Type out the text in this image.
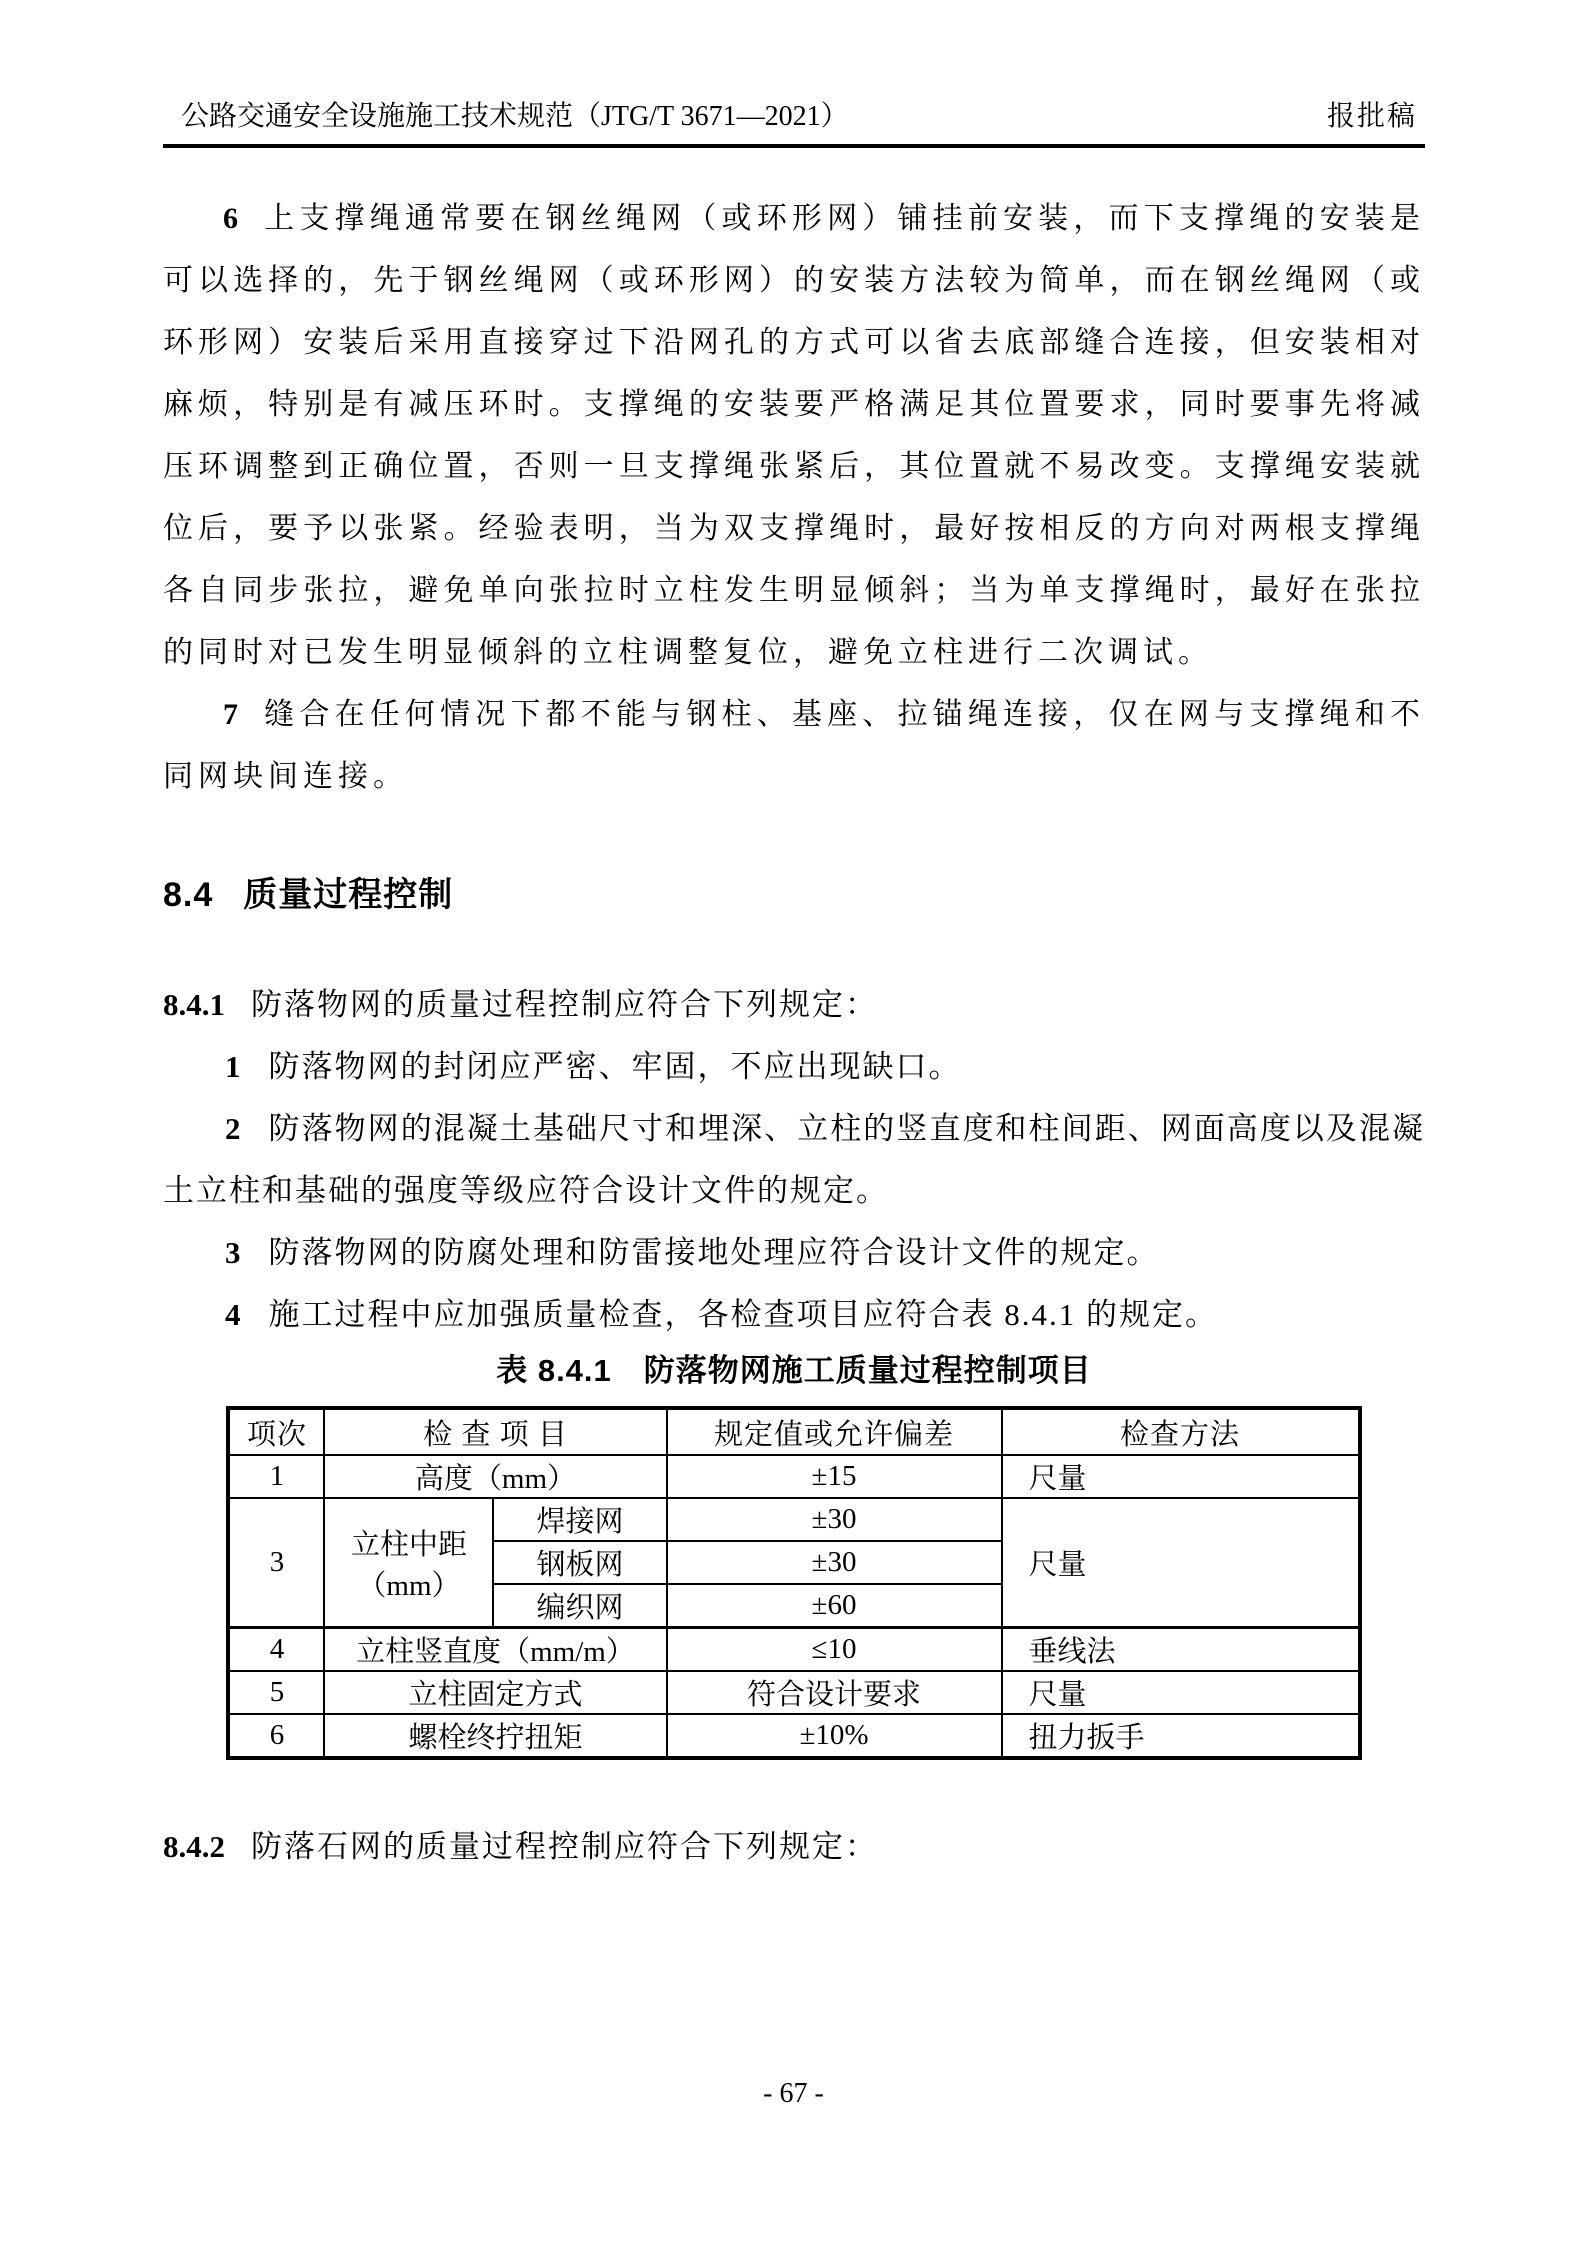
公路交通安全设施施工技术规范（JTG/T 3671—2021）	报批稿

6 上支撑绳通常要在钢丝绳网（或环形网）铺挂前安装，而下支撑绳的安装是可以选择的，先于钢丝绳网（或环形网）的安装方法较为简单，而在钢丝绳网（或环形网）安装后采用直接穿过下沿网孔的方式可以省去底部缝合连接，但安装相对麻烦，特别是有减压环时。支撑绳的安装要严格满足其位置要求，同时要事先将减压环调整到正确位置，否则一旦支撑绳张紧后，其位置就不易改变。支撑绳安装就位后，要予以张紧。经验表明，当为双支撑绳时，最好按相反的方向对两根支撑绳各自同步张拉，避免单向张拉时立柱发生明显倾斜；当为单支撑绳时，最好在张拉的同时对已发生明显倾斜的立柱调整复位，避免立柱进行二次调试。

7 缝合在任何情况下都不能与钢柱、基座、拉锚绳连接，仅在网与支撑绳和不同网块间连接。

8.4 质量过程控制

8.4.1 防落物网的质量过程控制应符合下列规定：

1 防落物网的封闭应严密、牢固，不应出现缺口。

2 防落物网的混凝土基础尺寸和埋深、立柱的竖直度和柱间距、网面高度以及混凝土立柱和基础的强度等级应符合设计文件的规定。

3 防落物网的防腐处理和防雷接地处理应符合设计文件的规定。

4 施工过程中应加强质量检查，各检查项目应符合表 8.4.1 的规定。

表 8.4.1　防落物网施工质量过程控制项目
项次	检 查 项 目		规定值或允许偏差	检查方法
1	高度（mm）		±15	尺量
3	立柱中距（mm）	焊接网	±30	尺量
		钢板网	±30	
		编织网	±60	
4	立柱竖直度（mm/m）		≤10	垂线法
5	立柱固定方式		符合设计要求	尺量
6	螺栓终拧扭矩		±10%	扭力扳手

8.4.2 防落石网的质量过程控制应符合下列规定：

- 67 -
